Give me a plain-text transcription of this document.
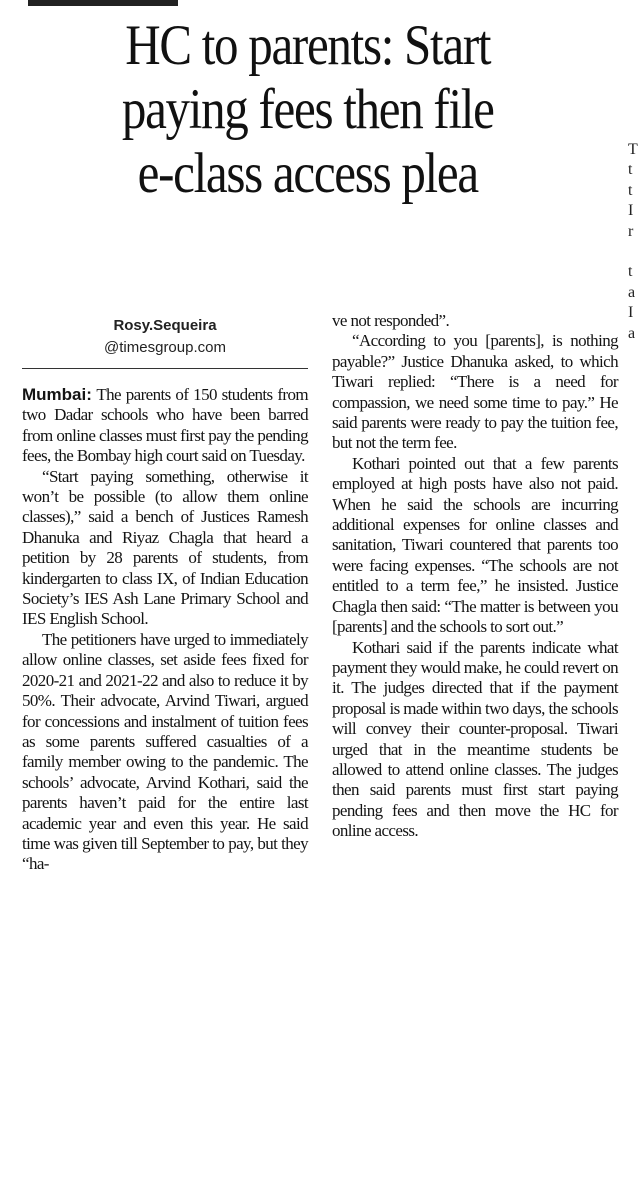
HC to parents: Start
paying fees then file
e-class access plea
Rosy.Sequeira
@timesgroup.com

Mumbai: The parents of 150 students from two Dadar schools who have been barred from online classes must first pay the pending fees, the Bombay high court said on Tuesday.

“Start paying something, otherwise it won’t be possible (to allow them online classes),” said a bench of Justices Ramesh Dhanuka and Riyaz Chagla that heard a petition by 28 parents of students, from kindergarten to class IX, of Indian Education Society’s IES Ash Lane Primary School and IES English School.

The petitioners have urged to immediately allow online classes, set aside fees fixed for 2020-21 and 2021-22 and also to reduce it by 50%. Their advocate, Arvind Tiwari, argued for concessions and instalment of tuition fees as some parents suffered casualties of a family member owing to the pandemic. The schools’ advocate, Arvind Kothari, said the parents haven’t paid for the entire last academic year and even this year. He said time was given till September to pay, but they “ha-

ve not responded”.

“According to you [parents], is nothing payable?” Justice Dhanuka asked, to which Tiwari replied: “There is a need for compassion, we need some time to pay.” He said parents were ready to pay the tuition fee, but not the term fee.

Kothari pointed out that a few parents employed at high posts have also not paid. When he said the schools are incurring additional expenses for online classes and sanitation, Tiwari countered that parents too were facing expenses. “The schools are not entitled to a term fee,” he insisted. Justice Chagla then said: “The matter is between you [parents] and the schools to sort out.”

Kothari said if the parents indicate what payment they would make, he could revert on it. The judges directed that if the payment proposal is made within two days, the schools will convey their counter-proposal. Tiwari urged that in the meantime students be allowed to attend online classes. The judges then said parents must first start paying pending fees and then move the HC for online access.

T
t
t
I
r
t
a
I
a
